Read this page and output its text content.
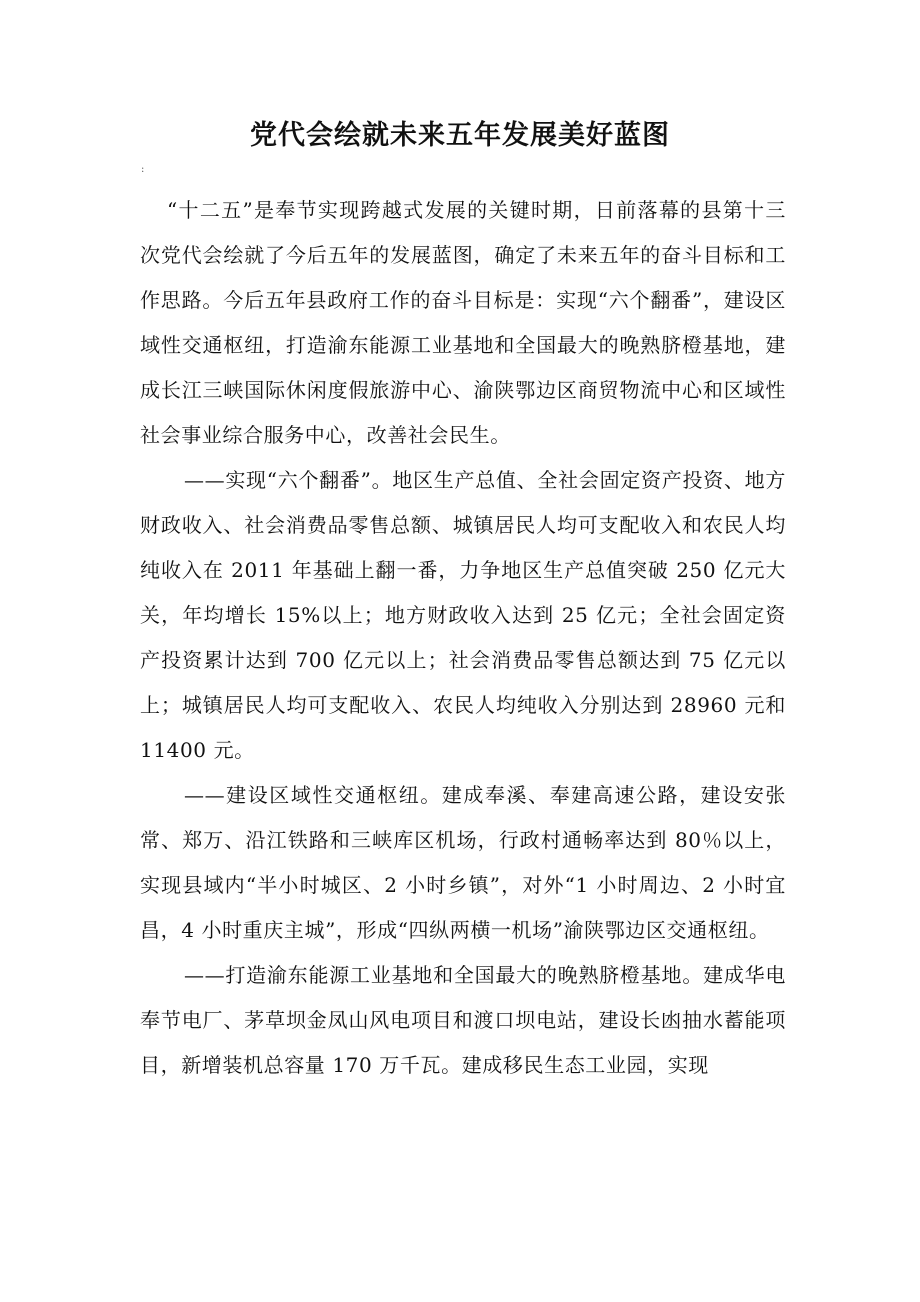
党代会绘就未来五年发展美好蓝图
:

“十二五”是奉节实现跨越式发展的关键时期，日前落幕的县第十三次党代会绘就了今后五年的发展蓝图，确定了未来五年的奋斗目标和工作思路。今后五年县政府工作的奋斗目标是：实现“六个翻番”，建设区域性交通枢纽，打造渝东能源工业基地和全国最大的晚熟脐橙基地，建成长江三峡国际休闲度假旅游中心、渝陕鄂边区商贸物流中心和区域性社会事业综合服务中心，改善社会民生。

——实现“六个翻番”。地区生产总值、全社会固定资产投资、地方财政收入、社会消费品零售总额、城镇居民人均可支配收入和农民人均纯收入在 2011 年基础上翻一番，力争地区生产总值突破 250 亿元大关，年均增长 15%以上；地方财政收入达到 25 亿元；全社会固定资产投资累计达到 700 亿元以上；社会消费品零售总额达到 75 亿元以上；城镇居民人均可支配收入、农民人均纯收入分别达到 28960 元和 11400 元。

——建设区域性交通枢纽。建成奉溪、奉建高速公路，建设安张常、郑万、沿江铁路和三峡库区机场，行政村通畅率达到 80％以上，实现县域内“半小时城区、2 小时乡镇”，对外“1 小时周边、2 小时宜昌，4 小时重庆主城”，形成“四纵两横一机场”渝陕鄂边区交通枢纽。

——打造渝东能源工业基地和全国最大的晚熟脐橙基地。建成华电奉节电厂、茅草坝金凤山风电项目和渡口坝电站，建设长凼抽水蓄能项目，新增装机总容量 170 万千瓦。建成移民生态工业园，实现
